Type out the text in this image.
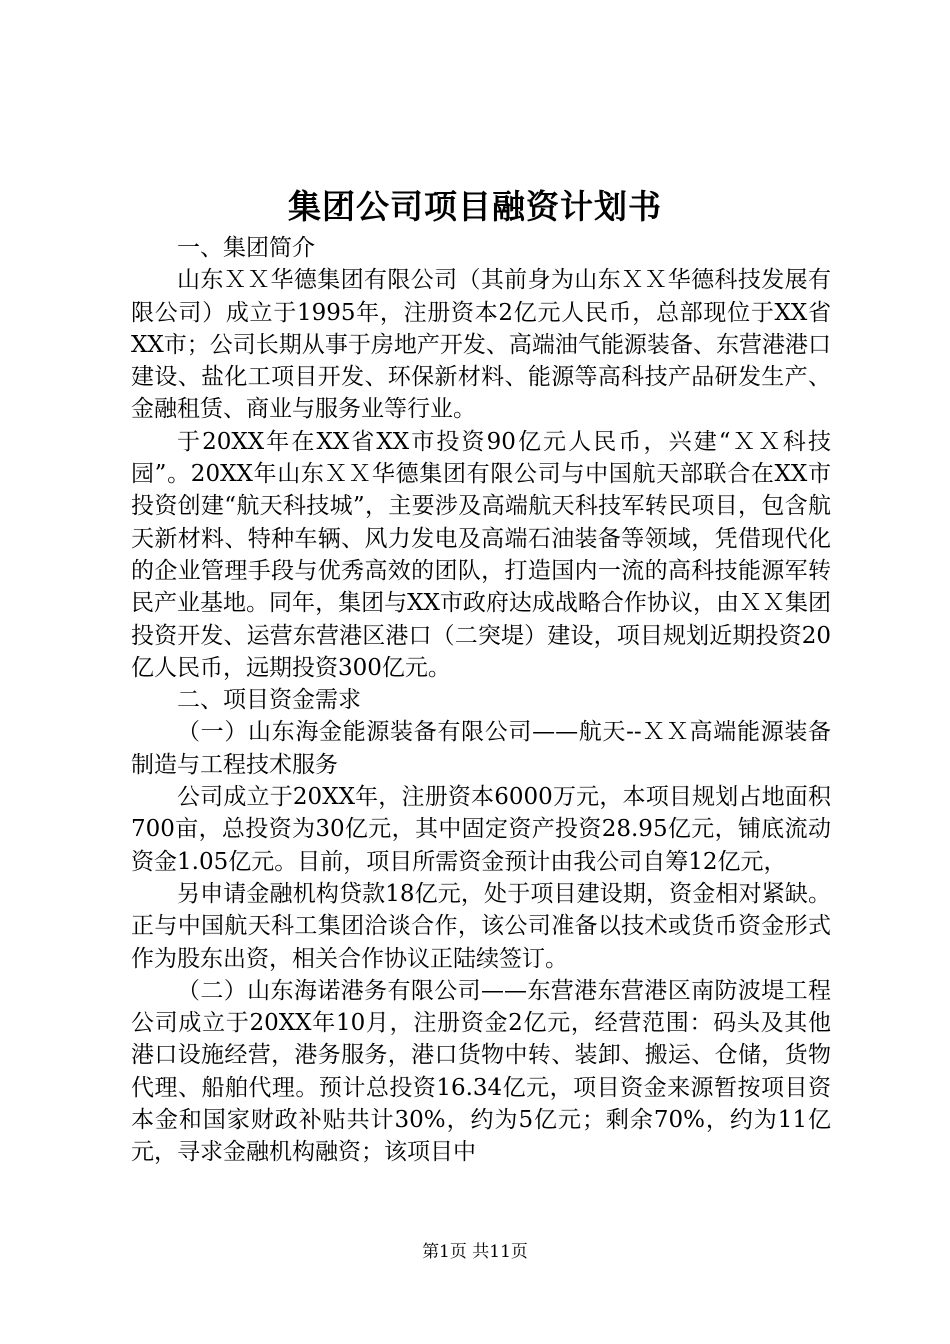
集团公司项目融资计划书

一、集团简介

山东ＸＸ华德集团有限公司（其前身为山东ＸＸ华德科技发展有限公司）成立于1995年，注册资本2亿元人民币，总部现位于XX省XX市；公司长期从事于房地产开发、高端油气能源装备、东营港港口建设、盐化工项目开发、环保新材料、能源等高科技产品研发生产、金融租赁、商业与服务业等行业。

于20XX年在XX省XX市投资90亿元人民币，兴建“ＸＸ科技园”。20XX年山东ＸＸ华德集团有限公司与中国航天部联合在XX市投资创建“航天科技城”，主要涉及高端航天科技军转民项目，包含航天新材料、特种车辆、风力发电及高端石油装备等领域，凭借现代化的企业管理手段与优秀高效的团队，打造国内一流的高科技能源军转民产业基地。同年，集团与XX市政府达成战略合作协议，由ＸＸ集团投资开发、运营东营港区港口（二突堤）建设，项目规划近期投资20亿人民币，远期投资300亿元。

二、项目资金需求

（一）山东海金能源装备有限公司——航天--ＸＸ高端能源装备制造与工程技术服务

公司成立于20XX年，注册资本6000万元，本项目规划占地面积700亩，总投资为30亿元，其中固定资产投资28.95亿元，铺底流动资金1.05亿元。目前，项目所需资金预计由我公司自筹12亿元，

另申请金融机构贷款18亿元，处于项目建设期，资金相对紧缺。正与中国航天科工集团洽谈合作，该公司准备以技术或货币资金形式作为股东出资，相关合作协议正陆续签订。

（二）山东海诺港务有限公司——东营港东营港区南防波堤工程公司成立于20XX年10月，注册资金2亿元，经营范围：码头及其他港口设施经营，港务服务，港口货物中转、装卸、搬运、仓储，货物代理、船舶代理。预计总投资16.34亿元，项目资金来源暂按项目资本金和国家财政补贴共计30%，约为5亿元；剩余70%，约为11亿元，寻求金融机构融资；该项目中

第1页 共11页
